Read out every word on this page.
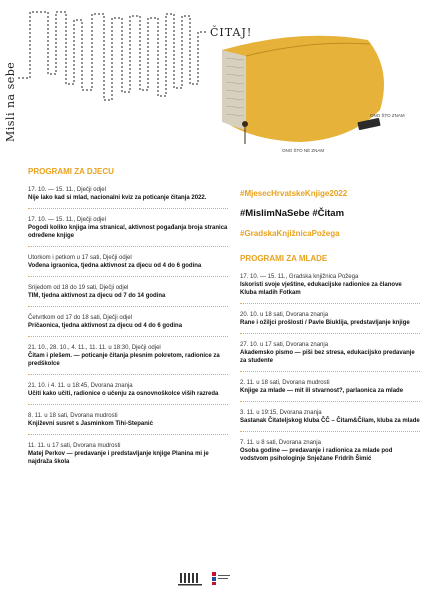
Misli na sebe
ČITAJ!
ONO ŠTO ZNAM
ONO ŠTO NE ZNAM
PROGRAMI ZA DJECU
17. 10. — 15. 11., Dječji odjel
Nije lako kad si mlad, nacionalni kviz za poticanje čitanja 2022.
17. 10. — 15. 11., Dječji odjel
Pogodi koliko knjiga ima stranica!, aktivnost pogađanja broja stranica određene knjige
Utorkom i petkom u 17 sati, Dječji odjel
Vođena igraonica, tjedna aktivnost za djecu od 4 do 6 godina
Srijedom od 18 do 19 sati, Dječji odjel
TIM, tjedna aktivnost za djecu od 7 do 14 godina
Četvrtkom od 17 do 18 sati, Dječji odjel
Pričaonica, tjedna aktivnost za djecu od 4 do 6 godina
21. 10., 28. 10., 4. 11., 11. 11. u 18:30, Dječji odjel
Čitam i plešem. — poticanje čitanja plesnim pokretom, radionice za predškolce
21. 10. i 4. 11. u 18:45, Dvorana znanja
Učiti kako učiti, radionice o učenju za osnovnoškolce viših razreda
8. 11. u 18 sati, Dvorana mudrosti
Književni susret s Jasminkom Tihi-Stepanić
11. 11. u 17 sati, Dvorana mudrosti
Matej Perkov — predavanje i predstavljanje knjige Planina mi je najdraža škola
#MjesecHrvatskeKnjige2022
#MislimNaSebe #Čitam
#GradskaKnjižnicaPožega
PROGRAMI ZA MLADE
17. 10. — 15. 11., Gradska knjižnica Požega
Iskoristi svoje vještine, edukacijske radionice za članove Kluba mladih Fotkam
20. 10. u 18 sati, Dvorana znanja
Rane i ožiljci prošlosti / Pavle Biuklija, predstavljanje knjige
27. 10. u 17 sati, Dvorana znanja
Akademsko pismo — piši bez stresa, edukacijsko predavanje za studente
2. 11. u 18 sati, Dvorana mudrosti
Knjige za mlade — mit ili stvarnost?, parlaonica za mlade
3. 11. u 19:15, Dvorana znanja
Sastanak Čitateljskog kluba ČČ – Čitam&Čilam, kluba za mlade
7. 11. u 8 sati, Dvorana znanja
Osoba godine — predavanje i radionica za mlade pod vodstvom psihologinje Snježane Fridrih Šimić
